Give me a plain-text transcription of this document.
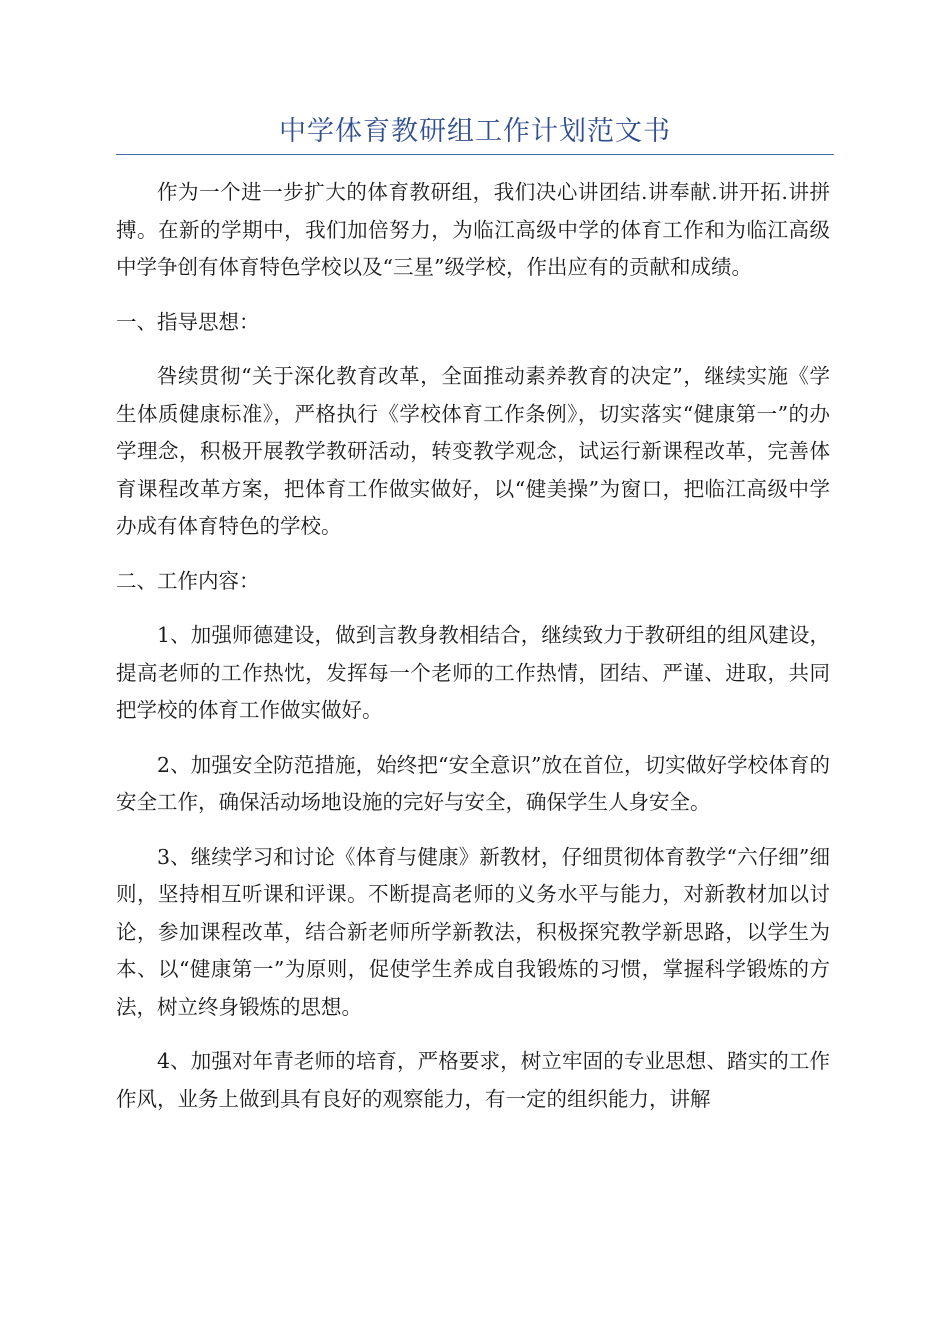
中学体育教研组工作计划范文书

作为一个进一步扩大的体育教研组，我们决心讲团结.讲奉献.讲开拓.讲拼搏。在新的学期中，我们加倍努力，为临江高级中学的体育工作和为临江高级中学争创有体育特色学校以及“三星”级学校，作出应有的贡献和成绩。

一、指导思想：

咎续贯彻“关于深化教育改革，全面推动素养教育的决定”，继续实施《学生体质健康标准》，严格执行《学校体育工作条例》，切实落实“健康第一”的办学理念，积极开展教学教研活动，转变教学观念，试运行新课程改革，完善体育课程改革方案，把体育工作做实做好，以“健美操”为窗口，把临江高级中学办成有体育特色的学校。

二、工作内容：

1、加强师德建设，做到言教身教相结合，继续致力于教研组的组风建设，提高老师的工作热忱，发挥每一个老师的工作热情，团结、严谨、进取，共同把学校的体育工作做实做好。

2、加强安全防范措施，始终把“安全意识”放在首位，切实做好学校体育的安全工作，确保活动场地设施的完好与安全，确保学生人身安全。

3、继续学习和讨论《体育与健康》新教材，仔细贯彻体育教学“六仔细”细则，坚持相互听课和评课。不断提高老师的义务水平与能力，对新教材加以讨论，参加课程改革，结合新老师所学新教法，积极探究教学新思路，以学生为本、以“健康第一”为原则，促使学生养成自我锻炼的习惯，掌握科学锻炼的方法，树立终身锻炼的思想。

4、加强对年青老师的培育，严格要求，树立牢固的专业思想、踏实的工作作风，业务上做到具有良好的观察能力，有一定的组织能力，讲解
